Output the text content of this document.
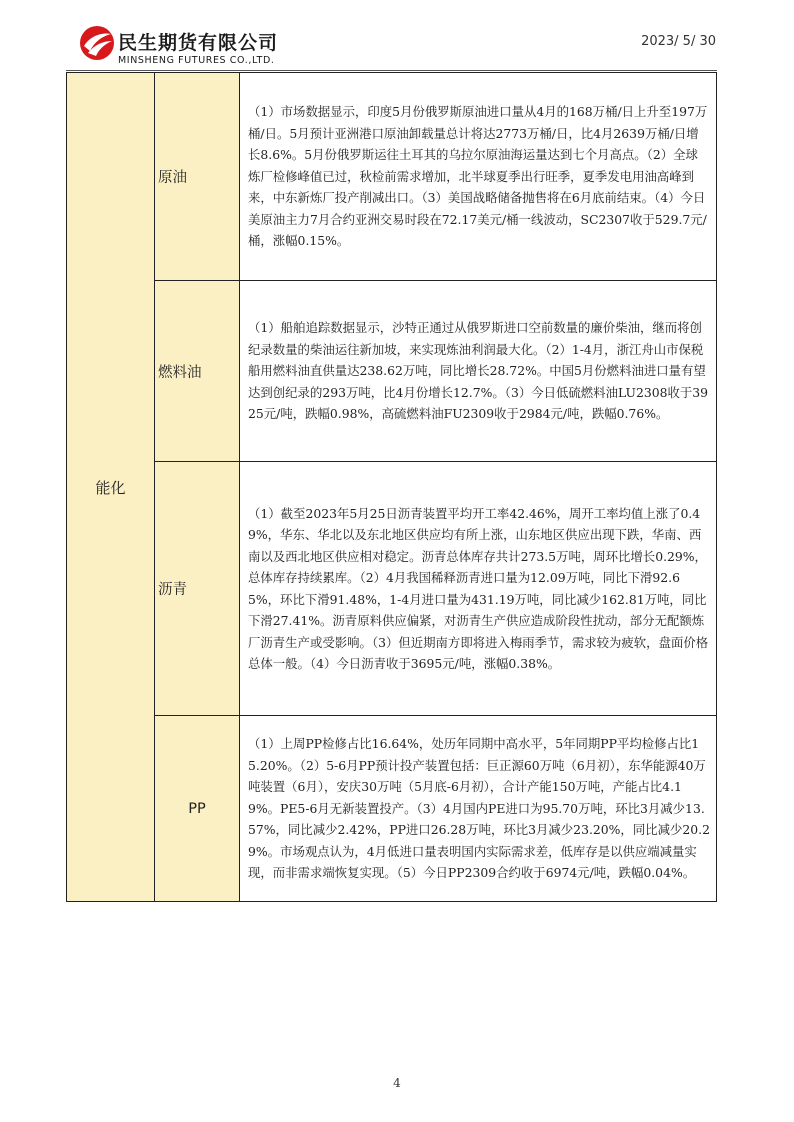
民生期货有限公司
MINSHENG FUTURES CO.,LTD.
2023/ 5/ 30
能化	原油	（1）市场数据显示，印度5月份俄罗斯原油进口量从4月的168万桶/日上升至197万桶/日。5月预计亚洲港口原油卸载量总计将达2773万桶/日，比4月2639万桶/日增长8.6%。5月份俄罗斯运往土耳其的乌拉尔原油海运量达到七个月高点。（2）全球炼厂检修峰值已过，秋检前需求增加，北半球夏季出行旺季，夏季发电用油高峰到来，中东新炼厂投产削减出口。（3）美国战略储备抛售将在6月底前结束。（4）今日美原油主力7月合约亚洲交易时段在72.17美元/桶一线波动，SC2307收于529.7元/桶，涨幅0.15%。
	燃料油	（1）船舶追踪数据显示，沙特正通过从俄罗斯进口空前数量的廉价柴油，继而将创纪录数量的柴油运往新加坡，来实现炼油利润最大化。（2）1-4月，浙江舟山市保税船用燃料油直供量达238.62万吨，同比增长28.72%。中国5月份燃料油进口量有望达到创纪录的293万吨，比4月份增长12.7%。（3）今日低硫燃料油LU2308收于3925元/吨，跌幅0.98%，高硫燃料油FU2309收于2984元/吨，跌幅0.76%。
	沥青	（1）截至2023年5月25日沥青装置平均开工率42.46%，周开工率均值上涨了0.49%，华东、华北以及东北地区供应均有所上涨，山东地区供应出现下跌，华南、西南以及西北地区供应相对稳定。沥青总体库存共计273.5万吨，周环比增长0.29%，总体库存持续累库。（2）4月我国稀释沥青进口量为12.09万吨，同比下滑92.65%，环比下滑91.48%，1-4月进口量为431.19万吨，同比减少162.81万吨，同比下滑27.41%。沥青原料供应偏紧，对沥青生产供应造成阶段性扰动，部分无配额炼厂沥青生产或受影响。（3）但近期南方即将进入梅雨季节，需求较为疲软，盘面价格总体一般。（4）今日沥青收于3695元/吨，涨幅0.38%。
	PP	（1）上周PP检修占比16.64%，处历年同期中高水平，5年同期PP平均检修占比15.20%。（2）5-6月PP预计投产装置包括：巨正源60万吨（6月初），东华能源40万吨装置（6月），安庆30万吨（5月底-6月初），合计产能150万吨，产能占比4.19%。PE5-6月无新装置投产。（3）4月国内PE进口为95.70万吨，环比3月减少13.57%，同比减少2.42%，PP进口26.28万吨，环比3月减少23.20%，同比减少20.29%。市场观点认为，4月低进口量表明国内实际需求差，低库存是以供应端减量实现，而非需求端恢复实现。（5）今日PP2309合约收于6974元/吨，跌幅0.04%。
4
